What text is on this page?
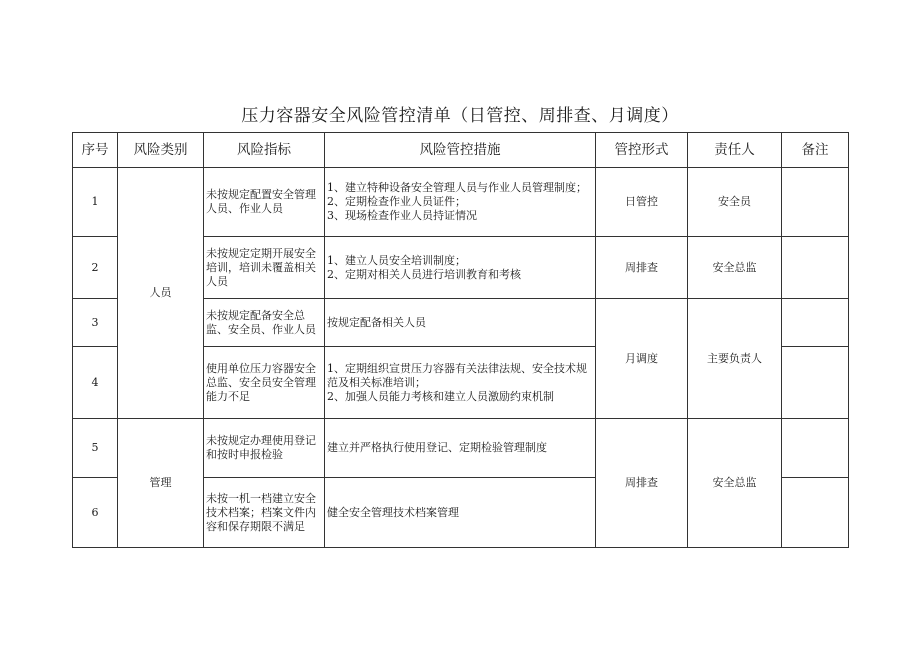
压力容器安全风险管控清单（日管控、周排查、月调度）
序号	风险类别	风险指标	风险管控措施	管控形式	责任人	备注
1	人员	未按规定配置安全管理人员、作业人员	1、建立特种设备安全管理人员与作业人员管理制度；
2、定期检查作业人员证件；
3、现场检查作业人员持证情况	日管控	安全员	
2		未按规定定期开展安全培训，培训未覆盖相关人员	1、建立人员安全培训制度；
2、定期对相关人员进行培训教育和考核	周排查	安全总监	
3		未按规定配备安全总监、安全员、作业人员	按规定配备相关人员	月调度	主要负责人	
4		使用单位压力容器安全总监、安全员安全管理能力不足	1、定期组织宣贯压力容器有关法律法规、安全技术规范及相关标准培训；
2、加强人员能力考核和建立人员激励约束机制			

5	管理	未按规定办理使用登记和按时申报检验	建立并严格执行使用登记、定期检验管理制度	周排查	安全总监	
6		未按一机一档建立安全技术档案；档案文件内容和保存期限不满足	健全安全管理技术档案管理			
